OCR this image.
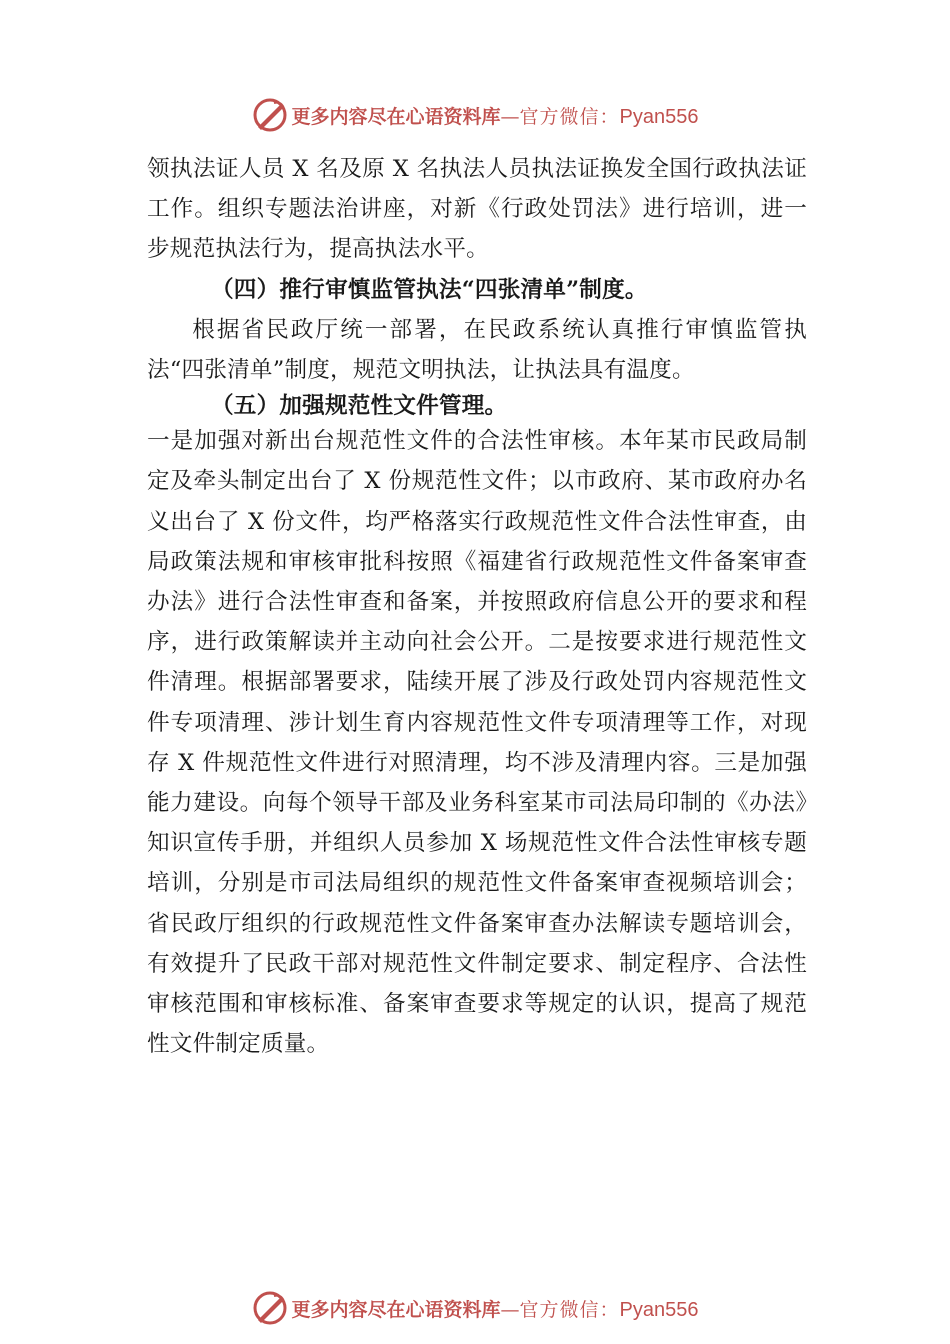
更多内容尽在心语资料库—官方微信：Pyan556

领执法证人员 X 名及原 X 名执法人员执法证换发全国行政执法证工作。组织专题法治讲座，对新《行政处罚法》进行培训，进一步规范执法行为，提高执法水平。

（四）推行审慎监管执法“四张清单”制度。

根据省民政厅统一部署，在民政系统认真推行审慎监管执法“四张清单”制度，规范文明执法，让执法具有温度。

（五）加强规范性文件管理。

一是加强对新出台规范性文件的合法性审核。本年某市民政局制定及牵头制定出台了 X 份规范性文件；以市政府、某市政府办名义出台了 X 份文件，均严格落实行政规范性文件合法性审查，由局政策法规和审核审批科按照《福建省行政规范性文件备案审查办法》进行合法性审查和备案，并按照政府信息公开的要求和程序，进行政策解读并主动向社会公开。二是按要求进行规范性文件清理。根据部署要求，陆续开展了涉及行政处罚内容规范性文件专项清理、涉计划生育内容规范性文件专项清理等工作，对现存 X 件规范性文件进行对照清理，均不涉及清理内容。三是加强能力建设。向每个领导干部及业务科室某市司法局印制的《办法》知识宣传手册，并组织人员参加 X 场规范性文件合法性审核专题培训，分别是市司法局组织的规范性文件备案审查视频培训会；省民政厅组织的行政规范性文件备案审查办法解读专题培训会，有效提升了民政干部对规范性文件制定要求、制定程序、合法性审核范围和审核标准、备案审查要求等规定的认识，提高了规范性文件制定质量。

更多内容尽在心语资料库—官方微信：Pyan556
